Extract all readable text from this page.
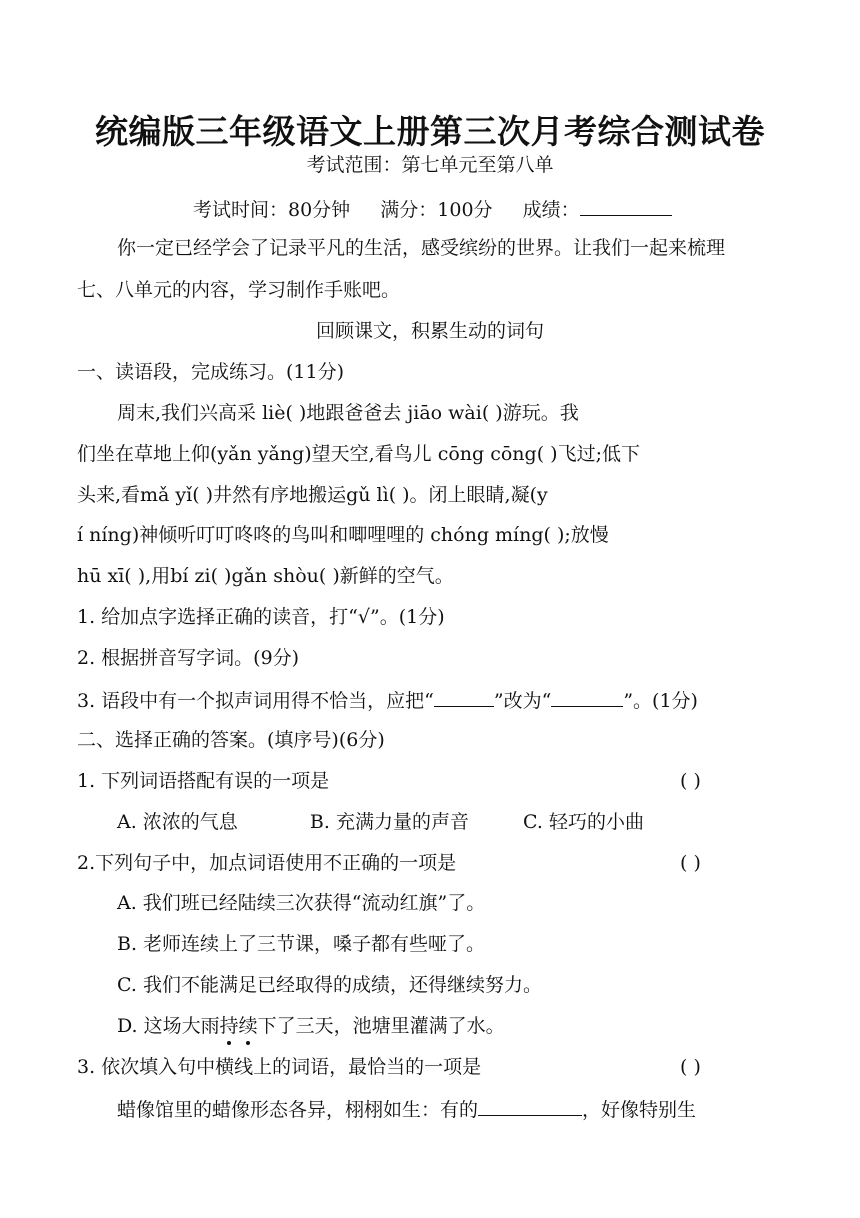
统编版三年级语文上册第三次月考综合测试卷
考试范围：第七单元至第八单
考试时间：80分钟 满分：100分 成绩：
你一定已经学会了记录平凡的生活，感受缤纷的世界。让我们一起来梳理
七、八单元的内容，学习制作手账吧。
回顾课文，积累生动的词句
一、读语段，完成练习。(11分)
周末,我们兴高采 liè( )地跟爸爸去 jiāo wài( )游玩。我
们坐在草地上仰(yǎn yǎng)望天空,看鸟儿 cōng cōng( )飞过;低下
头来,看mǎ yǐ( )井然有序地搬运gǔ lì( )。闭上眼睛,凝(y
í níng)神倾听叮叮咚咚的鸟叫和唧哩哩的 chóng míng( );放慢
hū xī( ),用bí zi( )gǎn shòu( )新鲜的空气。
1. 给加点字选择正确的读音，打“√”。(1分)
2. 根据拼音写字词。(9分)
3. 语段中有一个拟声词用得不恰当，应把“	”改为“	”。(1分)
二、选择正确的答案。(填序号)(6分)
1. 下列词语搭配有误的一项是	( )
A. 浓浓的气息	B. 充满力量的声音	C. 轻巧的小曲
2.下列句子中，加点词语使用不正确的一项是	( )
A. 我们班已经陆续三次获得“流动红旗”了。
B. 老师连续上了三节课，嗓子都有些哑了。
C. 我们不能满足已经取得的成绩，还得继续努力。
D. 这场大雨持续下了三天，池塘里灌满了水。
3. 依次填入句中横线上的词语，最恰当的一项是	( )
蜡像馆里的蜡像形态各异，栩栩如生：有的	，好像特别生
